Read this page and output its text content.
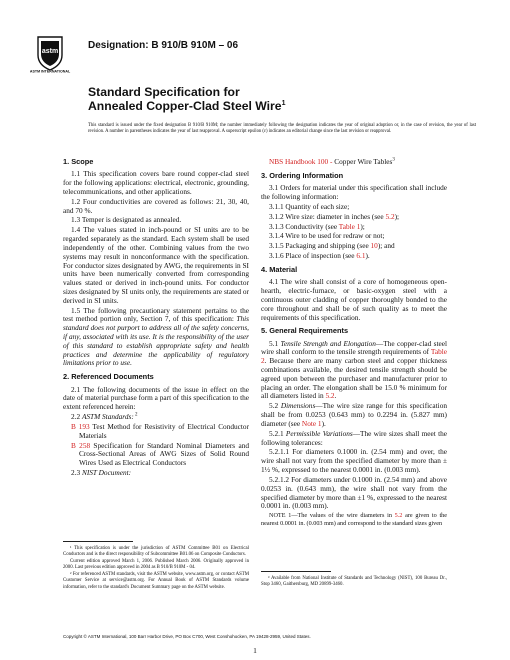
astm
ASTM INTERNATIONAL
Designation: B 910/B 910M – 06
Standard Specification for
Annealed Copper-Clad Steel Wire$^1$
This standard is issued under the fixed designation B 910/B 910M; the number immediately following the designation indicates the year of original adoption or, in the case of revision, the year of last revision. A number in parentheses indicates the year of last reapproval. A superscript epsilon (ε) indicates an editorial change since the last revision or reapproval.
1. Scope

1.1 This specification covers bare round copper-clad steel for the following applications: electrical, electronic, grounding, telecommunications, and other applications.

1.2 Four conductivities are covered as follows: 21, 30, 40, and 70 %.

1.3 Temper is designated as annealed.

1.4 The values stated in inch-pound or SI units are to be regarded separately as the standard. Each system shall be used independently of the other. Combining values from the two systems may result in nonconformance with the specification. For conductor sizes designated by AWG, the requirements in SI units have been numerically converted from corresponding values stated or derived in inch-pound units. For conductor sizes designated by SI units only, the requirements are stated or derived in SI units.

1.5 The following precautionary statement pertains to the test method portion only, Section 7, of this specification: This standard does not purport to address all of the safety concerns, if any, associated with its use. It is the responsibility of the user of this standard to establish appropriate safety and health practices and determine the applicability of regulatory limitations prior to use.

2. Referenced Documents

2.1 The following documents of the issue in effect on the date of material purchase form a part of this specification to the extent referenced herein:

2.2 ASTM Standards: $^2$

B 193 Test Method for Resistivity of Electrical Conductor Materials

B 258 Specification for Standard Nominal Diameters and Cross-Sectional Areas of AWG Sizes of Solid Round Wires Used as Electrical Conductors

2.3 NIST Document:

¹ This specification is under the jurisdiction of ASTM Committee B01 on Electrical Conductors and is the direct responsibility of Subcommittee B01.06 on Composite Conductors.

Current edition approved March 1, 2006. Published March 2006. Originally approved in 2000. Last previous edition approved in 2004 as B 910/B 910M - 04.

² For referenced ASTM standards, visit the ASTM website, www.astm.org, or contact ASTM Customer Service at service@astm.org. For Annual Book of ASTM Standards volume information, refer to the standard's Document Summary page on the ASTM website.

NBS Handbook 100 - Copper Wire Tables$^3$

3. Ordering Information

3.1 Orders for material under this specification shall include the following information:

3.1.1 Quantity of each size;

3.1.2 Wire size: diameter in inches (see 5.2);

3.1.3 Conductivity (see Table 1);

3.1.4 Wire to be used for redraw or not;

3.1.5 Packaging and shipping (see 10); and

3.1.6 Place of inspection (see 6.1).

4. Material

4.1 The wire shall consist of a core of homogeneous open-hearth, electric-furnace, or basic-oxygen steel with a continuous outer cladding of copper thoroughly bonded to the core throughout and shall be of such quality as to meet the requirements of this specification.

5. General Requirements

5.1 Tensile Strength and Elongation—The copper-clad steel wire shall conform to the tensile strength requirements of Table 2. Because there are many carbon steel and copper thickness combinations available, the desired tensile strength should be agreed upon between the purchaser and manufacturer prior to placing an order. The elongation shall be 15.0 % minimum for all diameters listed in 5.2.

5.2 Dimensions—The wire size range for this specification shall be from 0.0253 (0.643 mm) to 0.2294 in. (5.827 mm) diameter (see Note 1).

5.2.1 Permissible Variations—The wire sizes shall meet the following tolerances:

5.2.1.1 For diameters 0.1000 in. (2.54 mm) and over, the wire shall not vary from the specified diameter by more than ± 1½ %, expressed to the nearest 0.0001 in. (0.003 mm).

5.2.1.2 For diameters under 0.1000 in. (2.54 mm) and above 0.0253 in. (0.643 mm), the wire shall not vary from the specified diameter by more than ±1 %, expressed to the nearest 0.0001 in. (0.003 mm).

NOTE 1—The values of the wire diameters in 5.2 are given to the nearest 0.0001 in. (0.003 mm) and correspond to the standard sizes given

³ Available from National Institute of Standards and Technology (NIST), 100 Bureau Dr., Stop 3460, Gaithersburg, MD 20899-3460.

Copyright © ASTM International, 100 Barr Harbor Drive, PO Box C700, West Conshohocken, PA 19428-2959, United States.
1
